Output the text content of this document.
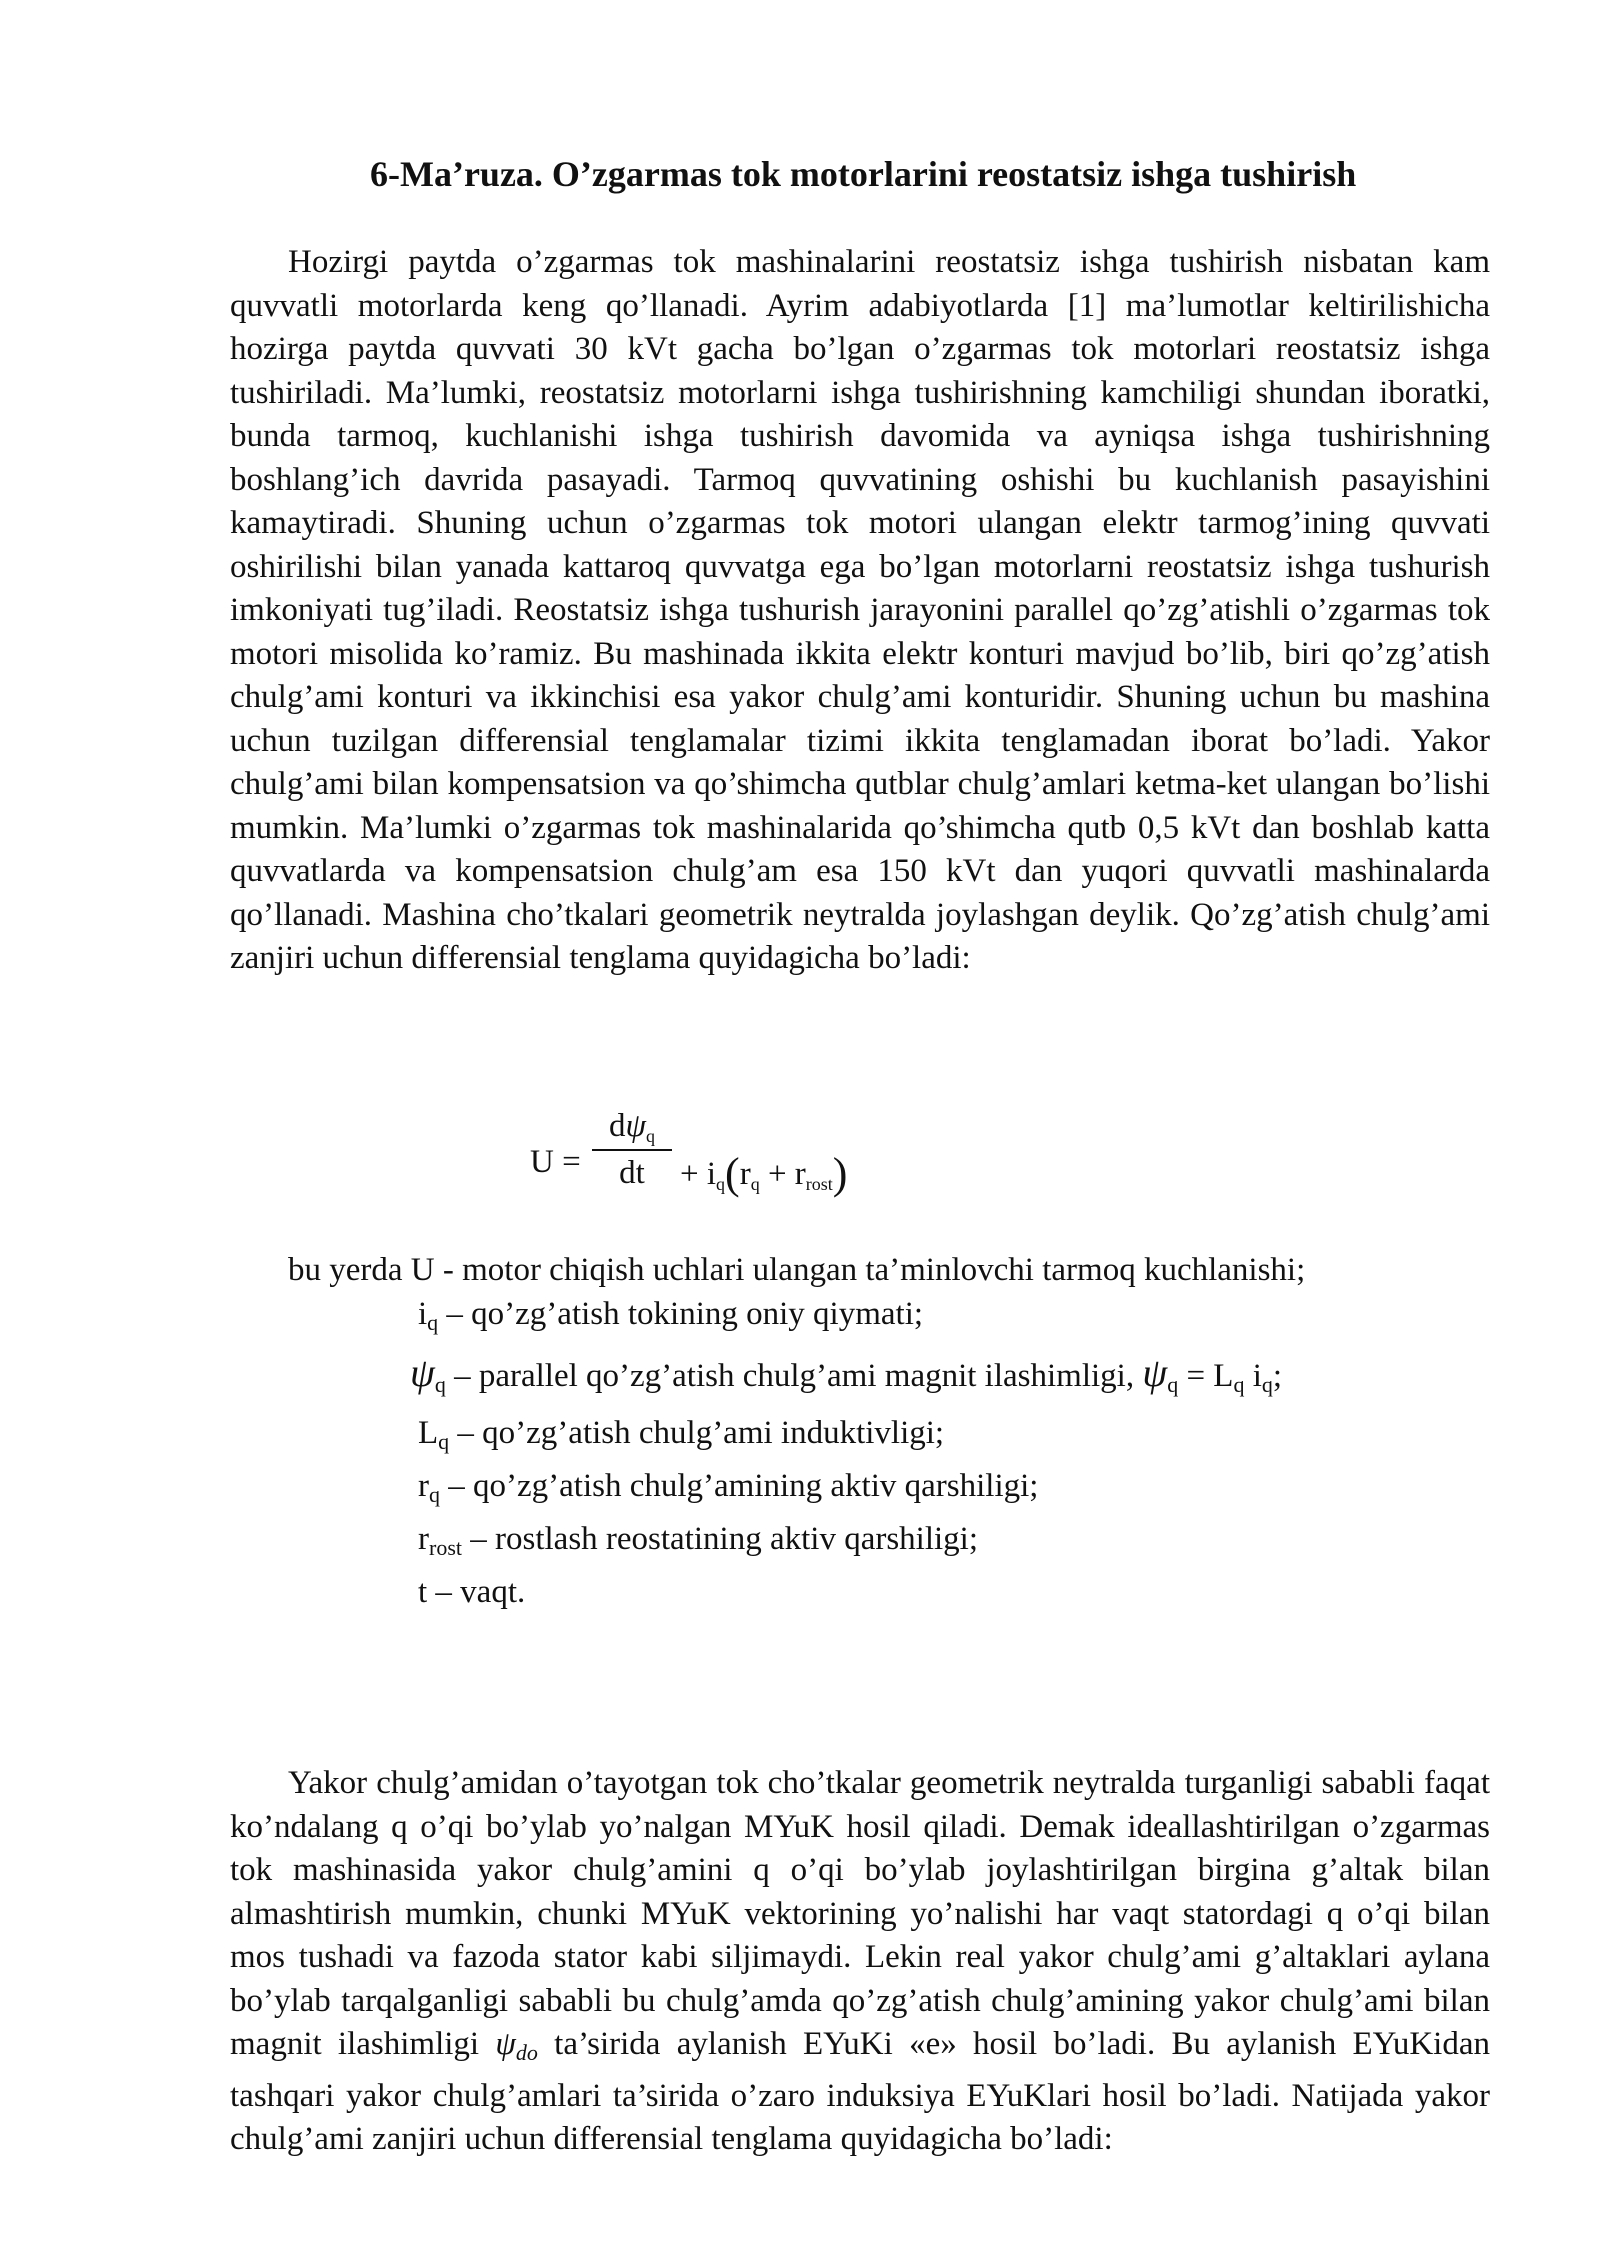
6-Ma’ruza. O’zgarmas tok motorlarini reostatsiz ishga tushirish

Hozirgi paytda o’zgarmas tok mashinalarini reostatsiz ishga tushirish nisbatan kam quvvatli motorlarda keng qo’llanadi. Ayrim adabiyotlarda [1] ma’lumotlar keltirilishicha hozirga paytda quvvati 30 kVt gacha bo’lgan o’zgarmas tok motorlari reostatsiz ishga tushiriladi. Ma’lumki, reostatsiz motorlarni ishga tushirishning kamchiligi shundan iboratki, bunda tarmoq, kuchlanishi ishga tushirish davomida va ayniqsa ishga tushirishning boshlang’ich davrida pasayadi. Tarmoq quvvatining oshishi bu kuchlanish pasayishini kamaytiradi. Shuning uchun o’zgarmas tok motori ulangan elektr tarmog’ining quvvati oshirilishi bilan yanada kattaroq quvvatga ega bo’lgan motorlarni reostatsiz ishga tushurish imkoniyati tug’iladi. Reostatsiz ishga tushurish jarayonini parallel qo’zg’atishli o’zgarmas tok motori misolida ko’ramiz. Bu mashinada ikkita elektr konturi mavjud bo’lib, biri qo’zg’atish chulg’ami konturi va ikkinchisi esa yakor chulg’ami konturidir. Shuning uchun bu mashina uchun tuzilgan differensial tenglamalar tizimi ikkita tenglamadan iborat bo’ladi. Yakor chulg’ami bilan kompensatsion va qo’shimcha qutblar chulg’amlari ketma-ket ulangan bo’lishi mumkin. Ma’lumki o’zgarmas tok mashinalarida qo’shimcha qutb 0,5 kVt dan boshlab katta quvvatlarda va kompensatsion chulg’am esa 150 kVt dan yuqori quvvatli mashinalarda qo’llanadi. Mashina cho’tkalari geometrik neytralda joylashgan deylik. Qo’zg’atish chulg’ami zanjiri uchun differensial tenglama quyidagicha bo’ladi:

U =
$d\psi_q$
dt	+ $i_q(r_q + r_{rost})$
bu yerda U - motor chiqish uchlari ulangan ta’minlovchi tarmoq kuchlanishi;
iq – qo’zg’atish tokining oniy qiymati;
ψq – parallel qo’zg’atish chulg’ami magnit ilashimligi, ψq = Lq iq;
Lq – qo’zg’atish chulg’ami induktivligi;
rq – qo’zg’atish chulg’amining aktiv qarshiligi;
rrost – rostlash reostatining aktiv qarshiligi;
t – vaqt.

Yakor chulg’amidan o’tayotgan tok cho’tkalar geometrik neytralda turganligi sababli faqat ko’ndalang q o’qi bo’ylab yo’nalgan MYuK hosil qiladi. Demak ideallashtirilgan o’zgarmas tok mashinasida yakor chulg’amini q o’qi bo’ylab joylashtirilgan birgina g’altak bilan almashtirish mumkin, chunki MYuK vektorining yo’nalishi har vaqt statordagi q o’qi bilan mos tushadi va fazoda stator kabi siljimaydi. Lekin real yakor chulg’ami g’altaklari aylana bo’ylab tarqalganligi sababli bu chulg’amda qo’zg’atish chulg’amining yakor chulg’ami bilan magnit ilashimligi ψdo ta’sirida aylanish EYuKi «e» hosil bo’ladi. Bu aylanish EYuKidan tashqari yakor chulg’amlari ta’sirida o’zaro induksiya EYuKlari hosil bo’ladi. Natijada yakor chulg’ami zanjiri uchun differensial tenglama quyidagicha bo’ladi:
